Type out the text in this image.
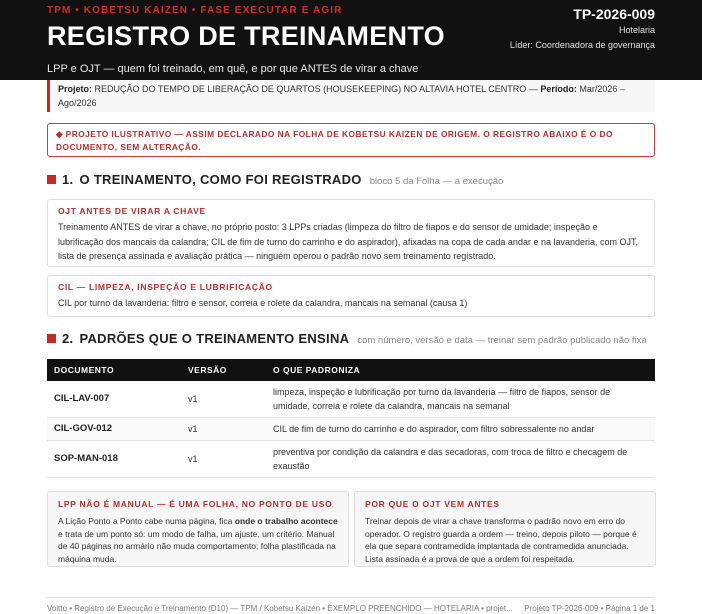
TPM • KOBETSU KAIZEN • FASE EXECUTAR E AGIR
REGISTRO DE TREINAMENTO
LPP e OJT — quem foi treinado, em quê, e por que ANTES de virar a chave
TP-2026-009
Hotelaria
Líder: Coordenadora de governança
Projeto: REDUÇÃO DO TEMPO DE LIBERAÇÃO DE QUARTOS (HOUSEKEEPING) NO ALTAVIA HOTEL CENTRO — Período: Mar/2026 – Ago/2026
◆ PROJETO ILUSTRATIVO — ASSIM DECLARADO NA FOLHA DE KOBETSU KAIZEN DE ORIGEM. O REGISTRO ABAIXO É O DO DOCUMENTO, SEM ALTERAÇÃO.
1. O TREINAMENTO, COMO FOI REGISTRADO bloco 5 da Folha — a execução
OJT ANTES DE VIRAR A CHAVE
Treinamento ANTES de virar a chave, no próprio posto: 3 LPPs criadas (limpeza do filtro de fiapos e do sensor de umidade; inspeção e lubrificação dos mancais da calandra; CIL de fim de turno do carrinho e do aspirador), afixadas na copa de cada andar e na lavanderia, com OJT, lista de presença assinada e avaliação prática — ninguém operou o padrão novo sem treinamento registrado.
CIL — LIMPEZA, INSPEÇÃO E LUBRIFICAÇÃO
CIL por turno da lavanderia: filtro e sensor, correia e rolete da calandra, mancais na semanal (causa 1)
2. PADRÕES QUE O TREINAMENTO ENSINA com número, versão e data — treinar sem padrão publicado não fixa
DOCUMENTO	VERSÃO	O QUE PADRONIZA
CIL-LAV-007	v1	limpeza, inspeção e lubrificação por turno da lavanderia — filtro de fiapos, sensor de umidade, correia e rolete da calandra, mancais na semanal
CIL-GOV-012	v1	CIL de fim de turno do carrinho e do aspirador, com filtro sobressalente no andar
SOP-MAN-018	v1	preventiva por condição da calandra e das secadoras, com troca de filtro e checagem de exaustão
LPP NÃO É MANUAL — É UMA FOLHA, NO PONTO DE USO
A Lição Ponto a Ponto cabe numa página, fica onde o trabalho acontece e trata de um ponto só: um modo de falha, um ajuste, um critério. Manual de 40 páginas no armário não muda comportamento; folha plastificada na máquina muda.
POR QUE O OJT VEM ANTES
Treinar depois de virar a chave transforma o padrão novo em erro do operador. O registro guarda a ordem — treino, depois piloto — porque é ela que separa contramedida implantada de contramedida anunciada. Lista assinada é a prova de que a ordem foi respeitada.
Voitto • Registro de Execução e Treinamento (D10) — TPM / Kobetsu Kaizen • EXEMPLO PREENCHIDO — HOTELARIA • projet...	Projeto TP-2026-009 • Página 1 de 1
